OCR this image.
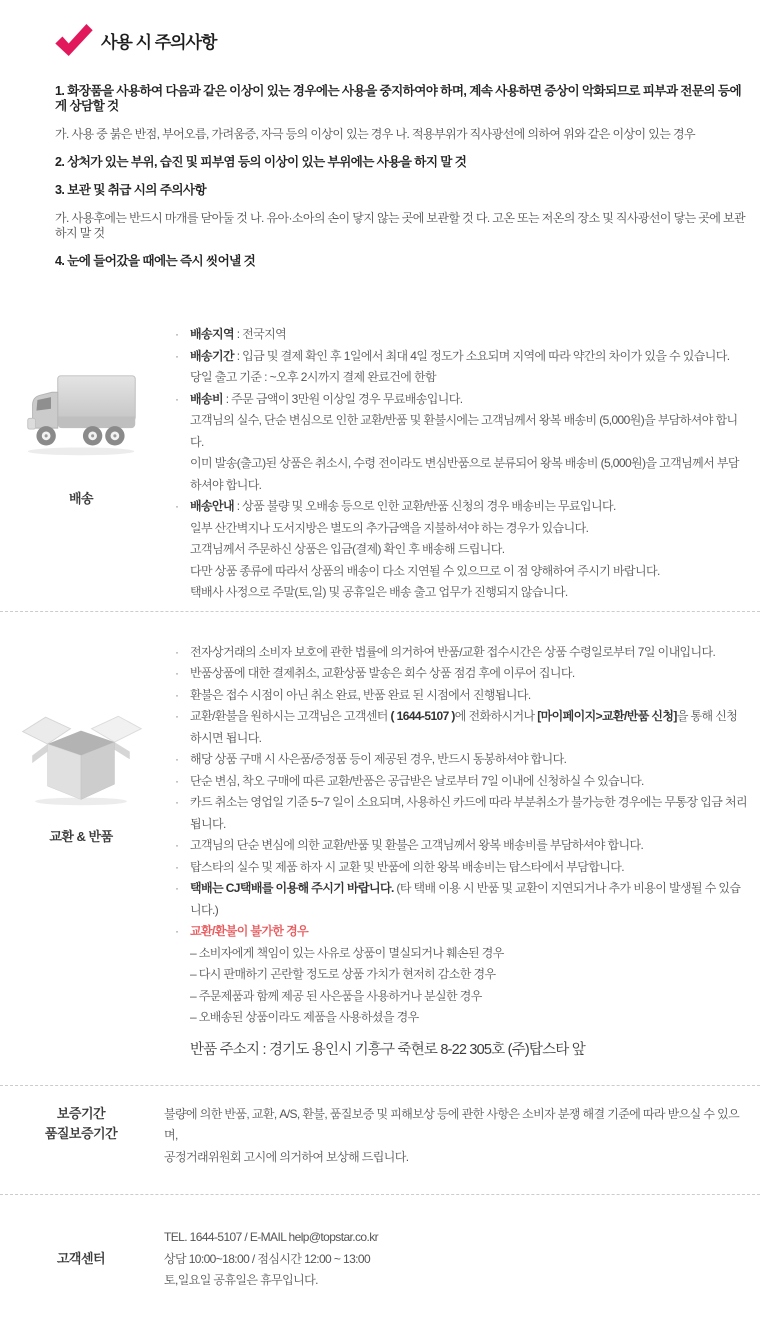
사용 시 주의사항
1. 화장품을 사용하여 다음과 같은 이상이 있는 경우에는 사용을 중지하여야 하며, 계속 사용하면 증상이 악화되므로 피부과 전문의 등에게 상담할 것
가. 사용 중 붉은 반점, 부어오름, 가려움증, 자극 등의 이상이 있는 경우 나. 적용부위가 직사광선에 의하여 위와 같은 이상이 있는 경우
2. 상처가 있는 부위, 습진 및 피부염 등의 이상이 있는 부위에는 사용을 하지 말 것
3. 보관 및 취급 시의 주의사항
가. 사용후에는 반드시 마개를 닫아둘 것 나. 유아·소아의 손이 닿지 않는 곳에 보관할 것 다. 고온 또는 저온의 장소 및 직사광선이 닿는 곳에 보관하지 말 것
4. 눈에 들어갔을 때에는 즉시 씻어낼 것
배송
· 배송지역 : 전국지역
· 배송기간 : 입금 및 결제 확인 후 1일에서 최대 4일 정도가 소요되며 지역에 따라 약간의 차이가 있을 수 있습니다.
당일 출고 기준 : ~오후 2시까지 결제 완료건에 한함
· 배송비 : 주문 금액이 3만원 이상일 경우 무료배송입니다.
고객님의 실수, 단순 변심으로 인한 교환/반품 및 환불시에는 고객님께서 왕복 배송비 (5,000원)을 부담하셔야 합니다.
이미 발송(출고)된 상품은 취소시, 수령 전이라도 변심반품으로 분류되어 왕복 배송비 (5,000원)을 고객님께서 부담하셔야 합니다.
· 배송안내 : 상품 불량 및 오배송 등으로 인한 교환/반품 신청의 경우 배송비는 무료입니다.
일부 산간벽지나 도서지방은 별도의 추가금액을 지불하셔야 하는 경우가 있습니다.
고객님께서 주문하신 상품은 입금(결제) 확인 후 배송해 드립니다.
다만 상품 종류에 따라서 상품의 배송이 다소 지연될 수 있으므로 이 점 양해하여 주시기 바랍니다.
택배사 사정으로 주말(토,일) 및 공휴일은 배송 출고 업무가 진행되지 않습니다.
교환 & 반품
· 전자상거래의 소비자 보호에 관한 법률에 의거하여 반품/교환 접수시간은 상품 수령일로부터 7일 이내입니다.
· 반품상품에 대한 결제취소, 교환상품 발송은 회수 상품 점검 후에 이루어 집니다.
· 환불은 접수 시점이 아닌 취소 완료, 반품 완료 된 시점에서 진행됩니다.
· 교환/환불을 원하시는 고객님은 고객센터 ( 1644-5107 )에 전화하시거나 [마이페이지>교환/반품 신청]을 통해 신청하시면 됩니다.
· 해당 상품 구매 시 사은품/증정품 등이 제공된 경우, 반드시 동봉하셔야 합니다.
· 단순 변심, 착오 구매에 따른 교환/반품은 공급받은 날로부터 7일 이내에 신청하실 수 있습니다.
· 카드 취소는 영업일 기준 5~7 일이 소요되며, 사용하신 카드에 따라 부분취소가 불가능한 경우에는 무통장 입금 처리됩니다.
· 고객님의 단순 변심에 의한 교환/반품 및 환불은 고객님께서 왕복 배송비를 부담하셔야 합니다.
· 탑스타의 실수 및 제품 하자 시 교환 및 반품에 의한 왕복 배송비는 탑스타에서 부담합니다.
· 택배는 CJ택배를 이용해 주시기 바랍니다. (타 택배 이용 시 반품 및 교환이 지연되거나 추가 비용이 발생될 수 있습니다.)
· 교환/환불이 불가한 경우
– 소비자에게 책임이 있는 사유로 상품이 멸실되거나 훼손된 경우
– 다시 판매하기 곤란할 정도로 상품 가치가 현저히 감소한 경우
– 주문제품과 함께 제공 된 사은품을 사용하거나 분실한 경우
– 오배송된 상품이라도 제품을 사용하셨을 경우
반품 주소지 : 경기도 용인시 기흥구 죽현로 8-22 305호 (주)탑스타 앞
보증기간
품질보증기간
불량에 의한 반품, 교환, A/S, 환불, 품질보증 및 피해보상 등에 관한 사항은 소비자 분쟁 해결 기준에 따라 받으실 수 있으며,
공정거래위원회 고시에 의거하여 보상해 드립니다.
고객센터
TEL. 1644-5107 / E-MAIL help@topstar.co.kr
상담 10:00~18:00 / 점심시간 12:00 ~ 13:00
토,일요일 공휴일은 휴무입니다.
